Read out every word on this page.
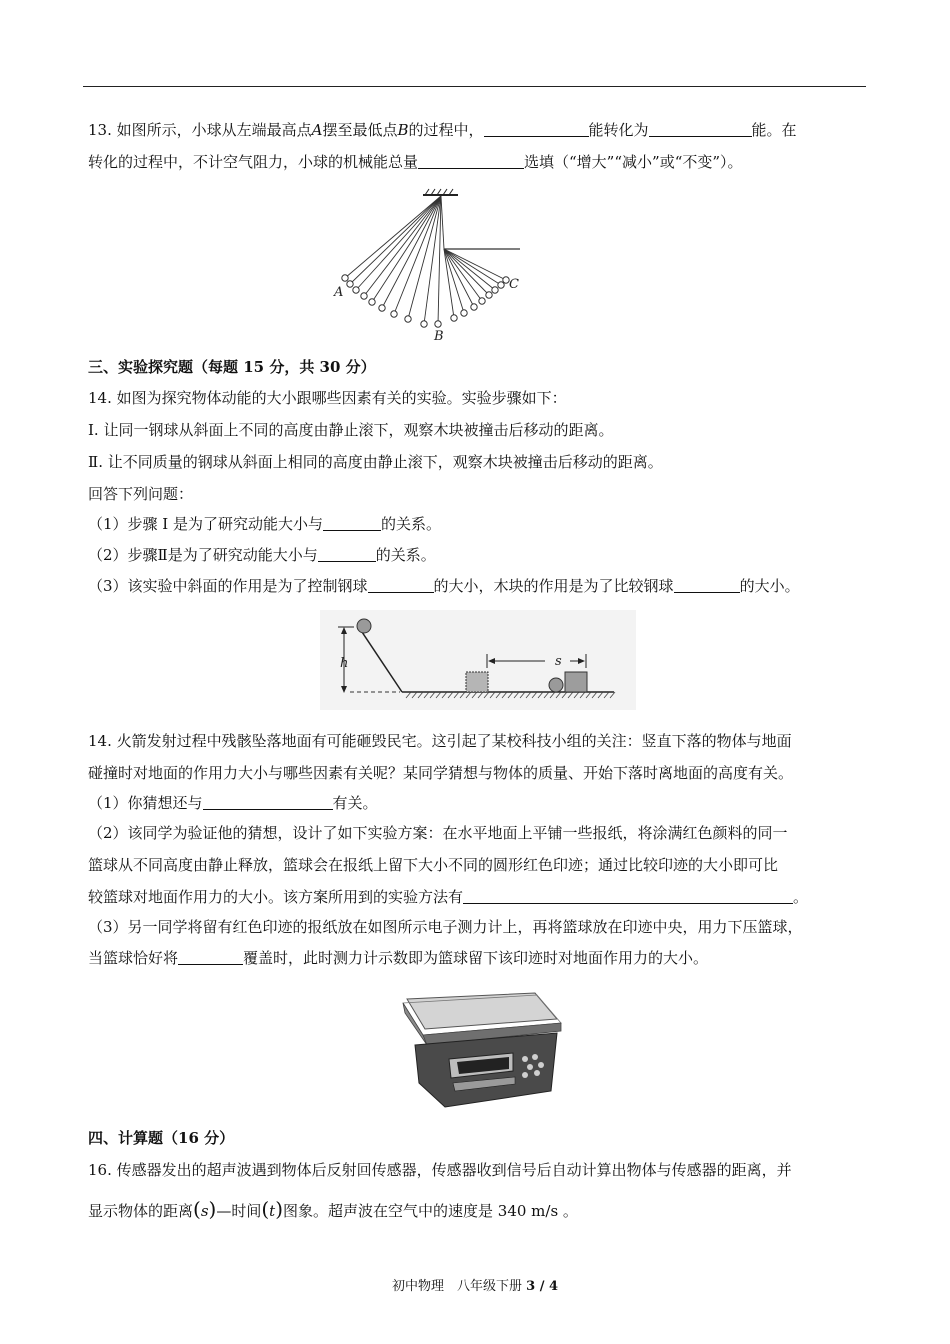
13. 如图所示，小球从左端最高点A摆至最低点B的过程中，	能转化为	能。在
转化的过程中，不计空气阻力，小球的机械能总量	选填（“增大”“减小”或“不变”）。
A
B
C
三、实验探究题（每题 15 分，共 30 分）
14. 如图为探究物体动能的大小跟哪些因素有关的实验。实验步骤如下：
I. 让同一钢球从斜面上不同的高度由静止滚下，观察木块被撞击后移动的距离。
Ⅱ. 让不同质量的钢球从斜面上相同的高度由静止滚下，观察木块被撞击后移动的距离。
回答下列问题：
（1）步骤 I 是为了研究动能大小与	的关系。
（2）步骤Ⅱ是为了研究动能大小与	的关系。
（3）该实验中斜面的作用是为了控制钢球	的大小，木块的作用是为了比较钢球	的大小。
h	s
14. 火箭发射过程中残骸坠落地面有可能砸毁民宅。这引起了某校科技小组的关注：竖直下落的物体与地面
碰撞时对地面的作用力大小与哪些因素有关呢？某同学猜想与物体的质量、开始下落时离地面的高度有关。
（1）你猜想还与	有关。
（2）该同学为验证他的猜想，设计了如下实验方案：在水平地面上平铺一些报纸，将涂满红色颜料的同一
篮球从不同高度由静止释放，篮球会在报纸上留下大小不同的圆形红色印迹；通过比较印迹的大小即可比
较篮球对地面作用力的大小。该方案所用到的实验方法有	。
（3）另一同学将留有红色印迹的报纸放在如图所示电子测力计上，再将篮球放在印迹中央，用力下压篮球，
当篮球恰好将	覆盖时，此时测力计示数即为篮球留下该印迹时对地面作用力的大小。
四、计算题（16 分）
16. 传感器发出的超声波遇到物体后反射回传感器，传感器收到信号后自动计算出物体与传感器的距离，并
显示物体的距离(s)—时间(t)图象。超声波在空气中的速度是 340 m/s 。
初中物理　八年级下册 3 / 4
